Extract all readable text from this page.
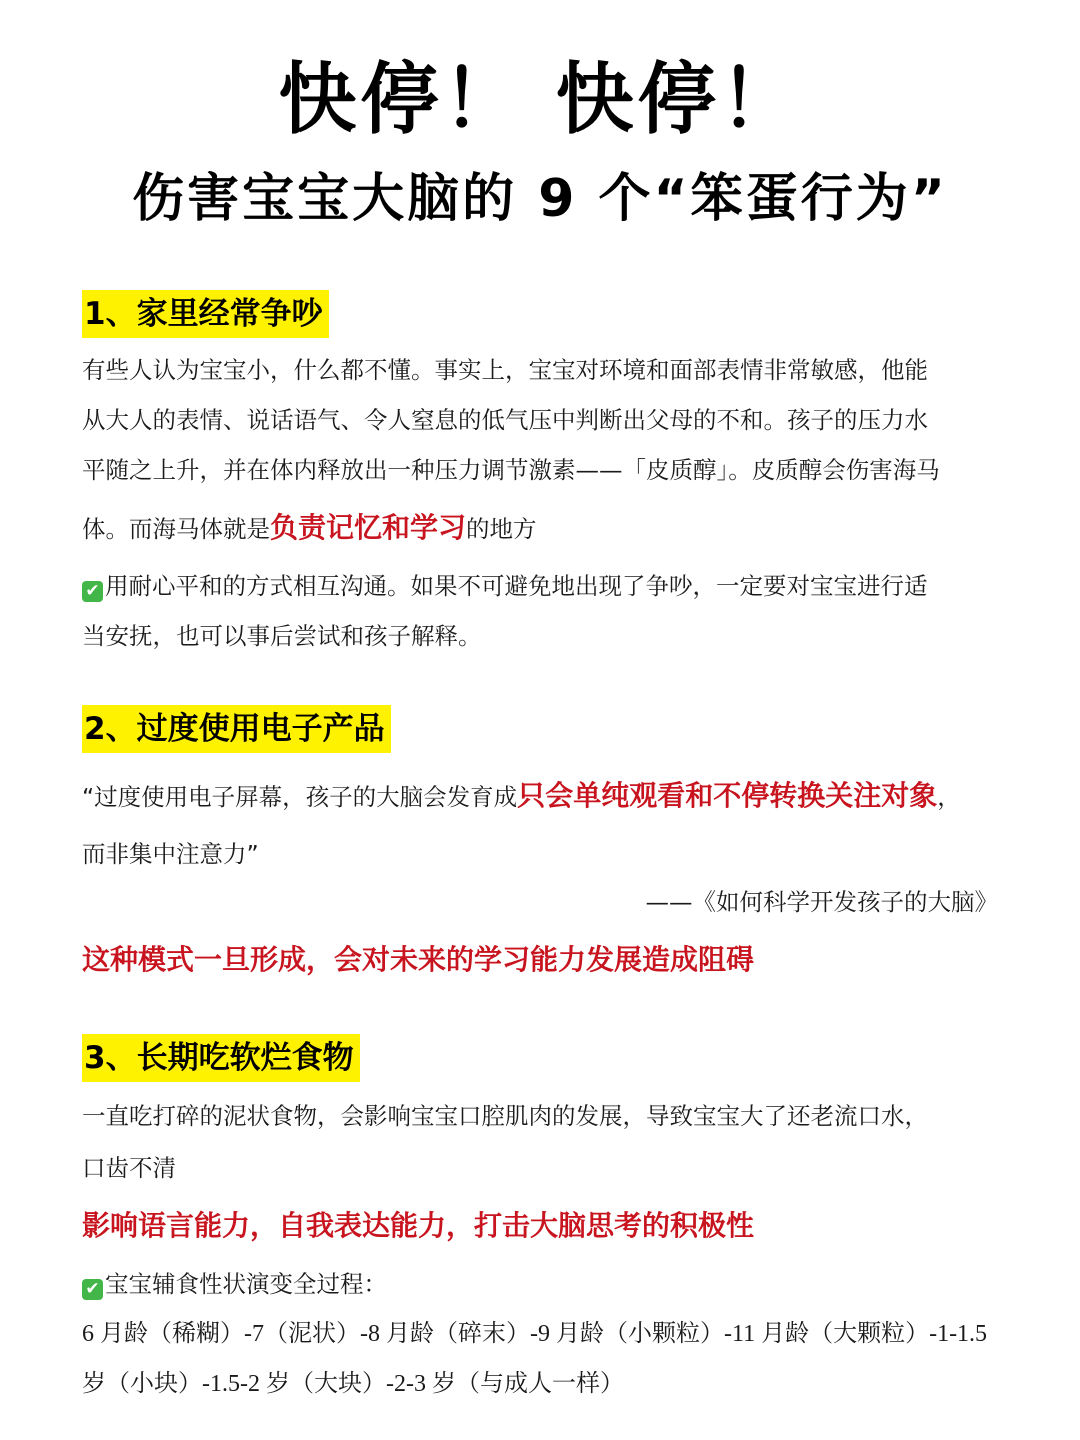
快停！ 快停！
伤害宝宝大脑的 9 个“笨蛋行为”
1、家里经常争吵
有些人认为宝宝小，什么都不懂。事实上，宝宝对环境和面部表情非常敏感，他能
从大人的表情、说话语气、令人窒息的低气压中判断出父母的不和。孩子的压力水
平随之上升，并在体内释放出一种压力调节激素——「皮质醇」。皮质醇会伤害海马
体。而海马体就是负责记忆和学习的地方
✔ 用耐心平和的方式相互沟通。如果不可避免地出现了争吵，一定要对宝宝进行适
当安抚，也可以事后尝试和孩子解释。
2、过度使用电子产品
“过度使用电子屏幕，孩子的大脑会发育成只会单纯观看和不停转换关注对象，
而非集中注意力”
——《如何科学开发孩子的大脑》
这种模式一旦形成，会对未来的学习能力发展造成阻碍
3、长期吃软烂食物
一直吃打碎的泥状食物，会影响宝宝口腔肌肉的发展，导致宝宝大了还老流口水，
口齿不清
影响语言能力，自我表达能力，打击大脑思考的积极性
✔ 宝宝辅食性状演变全过程：
6 月龄（稀糊）-7（泥状）-8 月龄（碎末）-9 月龄（小颗粒）-11 月龄（大颗粒）-1-1.5
岁（小块）-1.5-2 岁（大块）-2-3 岁（与成人一样）
